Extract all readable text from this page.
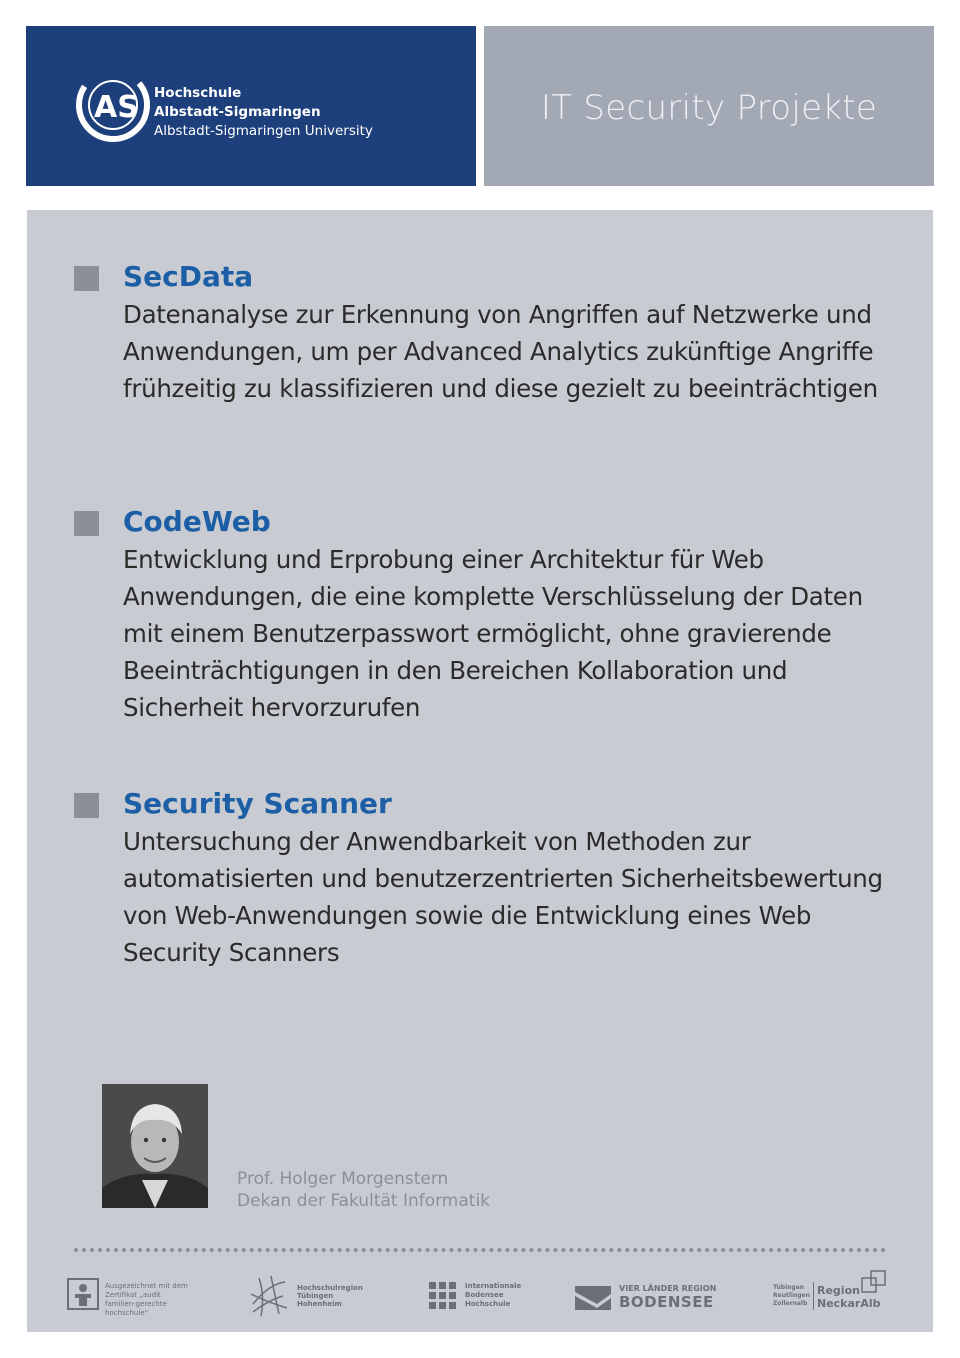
AS Hochschule
Albstadt-Sigmaringen
Albstadt-Sigmaringen University
IT Security Projekte
SecData

Datenanalyse zur Erkennung von Angriffen auf Netzwerke und Anwendungen, um per Advanced Analytics zukünftige Angriffe frühzeitig zu klassifizieren und diese gezielt zu beeinträchtigen

CodeWeb

Entwicklung und Erprobung einer Architektur für Web Anwendungen, die eine komplette Verschlüsselung der Daten mit einem Benutzerpasswort ermöglicht, ohne gravierende Beeinträchtigungen in den Bereichen Kollaboration und Sicherheit hervorzurufen

Security Scanner

Untersuchung der Anwendbarkeit von Methoden zur automatisierten und benutzerzentrierten Sicherheitsbewertung von Web-Anwendungen sowie die Entwicklung eines Web Security Scanners

Prof. Holger Morgenstern
Dekan der Fakultät Informatik
Ausgezeichnet mit dem Zertifikat „audit familien-gerechte hochschule“
Hochschulregion Tübingen Hohenheim
Internationale Bodensee Hochschule
VIER LÄNDER REGION
BODENSEE
Tübingen Reutlingen Zollernalb
Region NeckarAlb
